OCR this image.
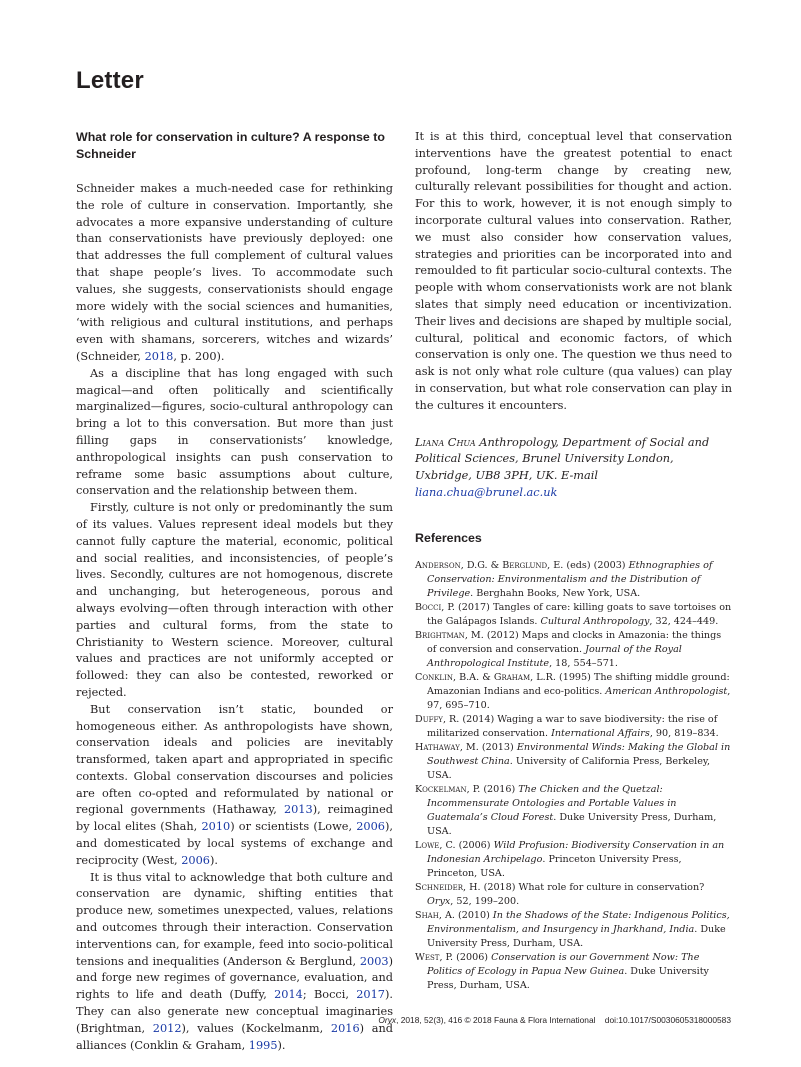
Letter
What role for conservation in culture? A response to Schneider

Schneider makes a much-needed case for rethinking the role of culture in conservation. Importantly, she advocates a more expansive understanding of culture than conservationists have previously deployed: one that addresses the full complement of cultural values that shape people’s lives. To accommodate such values, she suggests, conservationists should engage more widely with the social sciences and humanities, ‘with religious and cultural institutions, and perhaps even with shamans, sorcerers, witches and wizards’ (Schneider, 2018, p. 200).

As a discipline that has long engaged with such magical—and often politically and scientifically marginalized—figures, socio-cultural anthropology can bring a lot to this conversation. But more than just filling gaps in conservationists’ knowledge, anthropological insights can push conservation to reframe some basic assumptions about culture, conservation and the relationship between them.

Firstly, culture is not only or predominantly the sum of its values. Values represent ideal models but they cannot fully capture the material, economic, political and social realities, and inconsistencies, of people’s lives. Secondly, cultures are not homogenous, discrete and unchanging, but heterogeneous, porous and always evolving—often through interaction with other parties and cultural forms, from the state to Christianity to Western science. Moreover, cultural values and practices are not uniformly accepted or followed: they can also be contested, reworked or rejected.

But conservation isn’t static, bounded or homogeneous either. As anthropologists have shown, conservation ideals and policies are inevitably transformed, taken apart and appropriated in specific contexts. Global conservation discourses and policies are often co-opted and reformulated by national or regional governments (Hathaway, 2013), reimagined by local elites (Shah, 2010) or scientists (Lowe, 2006), and domesticated by local systems of exchange and reciprocity (West, 2006).

It is thus vital to acknowledge that both culture and conservation are dynamic, shifting entities that produce new, sometimes unexpected, values, relations and outcomes through their interaction. Conservation interventions can, for example, feed into socio-political tensions and inequalities (Anderson & Berglund, 2003) and forge new regimes of governance, evaluation, and rights to life and death (Duffy, 2014; Bocci, 2017). They can also generate new conceptual imaginaries (Brightman, 2012), values (Kockelmanm, 2016) and alliances (Conklin & Graham, 1995).

It is at this third, conceptual level that conservation interventions have the greatest potential to enact profound, long-term change by creating new, culturally relevant possibilities for thought and action. For this to work, however, it is not enough simply to incorporate cultural values into conservation. Rather, we must also consider how conservation values, strategies and priorities can be incorporated into and remoulded to fit particular socio-cultural contexts. The people with whom conservationists work are not blank slates that simply need education or incentivization. Their lives and decisions are shaped by multiple social, cultural, political and economic factors, of which conservation is only one. The question we thus need to ask is not only what role culture (qua values) can play in conservation, but what role conservation can play in the cultures it encounters.

Liana Chua Anthropology, Department of Social and Political Sciences, Brunel University London, Uxbridge, UB8 3PH, UK. E-mail liana.chua@brunel.ac.uk
References
Anderson, D.G. & Berglund, E. (eds) (2003) Ethnographies of Conservation: Environmentalism and the Distribution of Privilege. Berghahn Books, New York, USA.
Bocci, P. (2017) Tangles of care: killing goats to save tortoises on the Galápagos Islands. Cultural Anthropology, 32, 424–449.
Brightman, M. (2012) Maps and clocks in Amazonia: the things of conversion and conservation. Journal of the Royal Anthropological Institute, 18, 554–571.
Conklin, B.A. & Graham, L.R. (1995) The shifting middle ground: Amazonian Indians and eco-politics. American Anthropologist, 97, 695–710.
Duffy, R. (2014) Waging a war to save biodiversity: the rise of militarized conservation. International Affairs, 90, 819–834.
Hathaway, M. (2013) Environmental Winds: Making the Global in Southwest China. University of California Press, Berkeley, USA.
Kockelman, P. (2016) The Chicken and the Quetzal: Incommensurate Ontologies and Portable Values in Guatemala’s Cloud Forest. Duke University Press, Durham, USA.
Lowe, C. (2006) Wild Profusion: Biodiversity Conservation in an Indonesian Archipelago. Princeton University Press, Princeton, USA.
Schneider, H. (2018) What role for culture in conservation? Oryx, 52, 199–200.
Shah, A. (2010) In the Shadows of the State: Indigenous Politics, Environmentalism, and Insurgency in Jharkhand, India. Duke University Press, Durham, USA.
West, P. (2006) Conservation is our Government Now: The Politics of Ecology in Papua New Guinea. Duke University Press, Durham, USA.
Oryx, 2018, 52(3), 416 © 2018 Fauna & Flora International doi:10.1017/S0030605318000583
